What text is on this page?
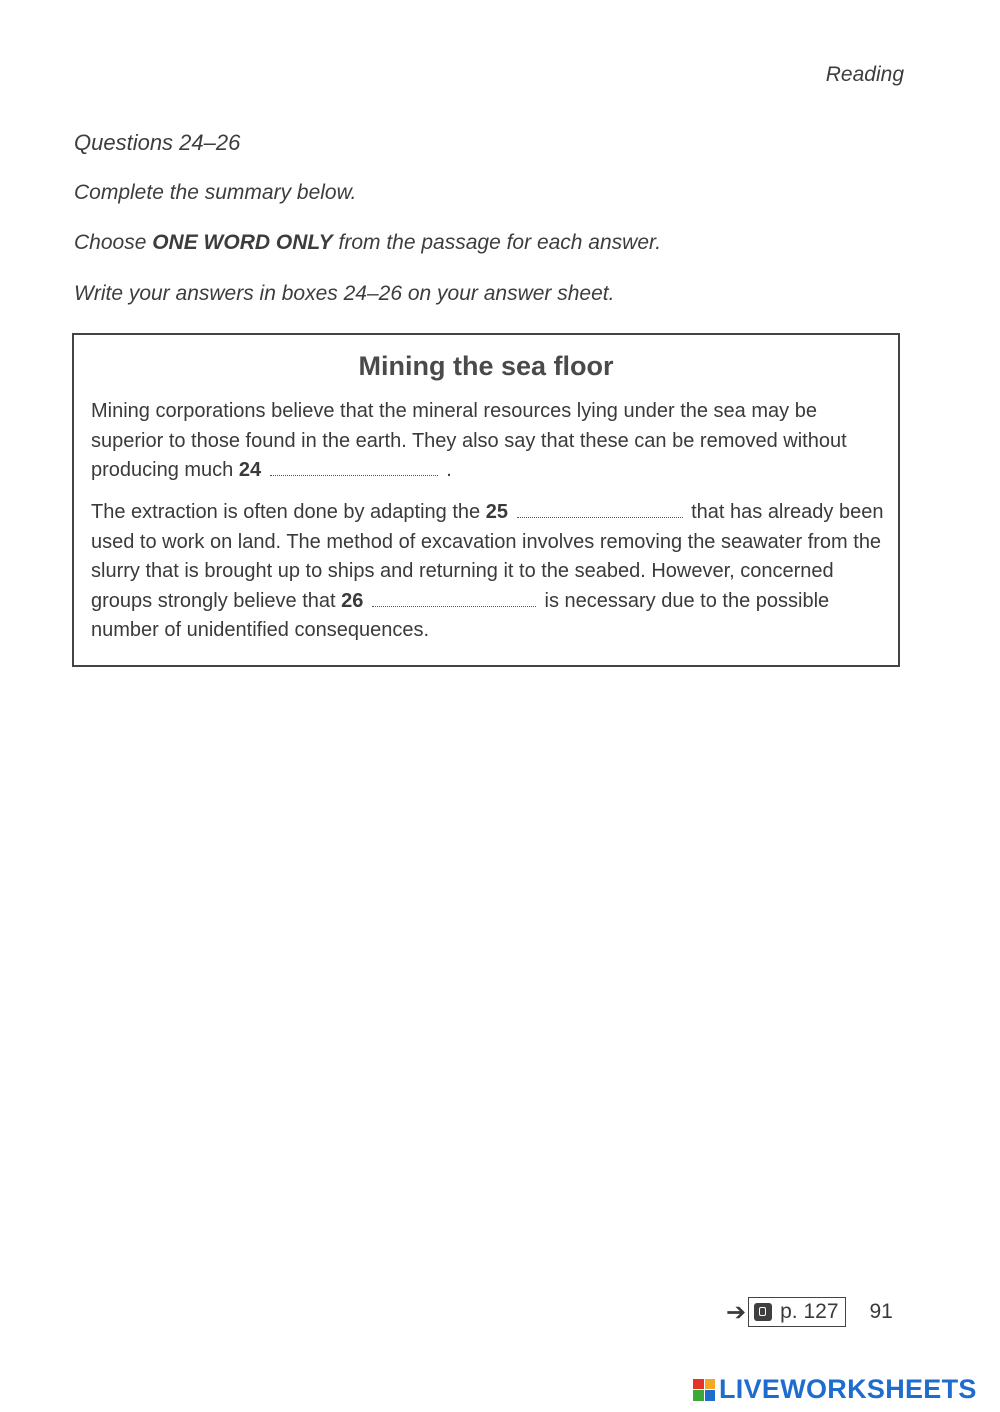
Reading
Questions 24–26
Complete the summary below.
Choose ONE WORD ONLY from the passage for each answer.
Write your answers in boxes 24–26 on your answer sheet.
Mining the sea floor
Mining corporations believe that the mineral resources lying under the sea may be superior to those found in the earth. They also say that these can be removed without producing much 24	.
The extraction is often done by adapting the 25	that has already been used to work on land. The method of excavation involves removing the seawater from the slurry that is brought up to ships and returning it to the seabed. However, concerned groups strongly believe that 26	is necessary due to the possible number of unidentified consequences.
➔ p. 127 91
LIVEWORKSHEETS
